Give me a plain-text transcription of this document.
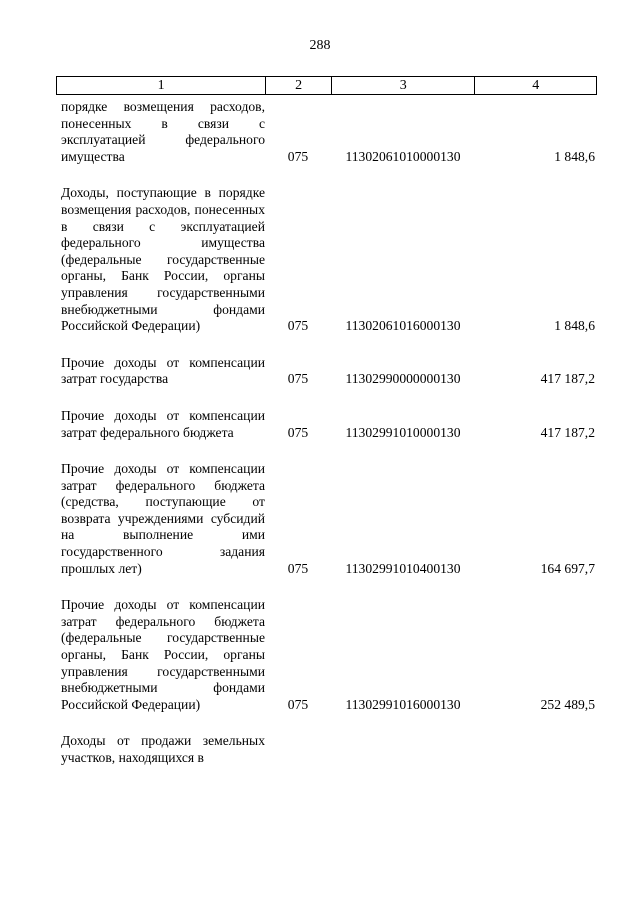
288
1	2	3	4
порядке возмещения расходов, понесенных в связи с эксплуатацией федерального имущества	075	11302061010000130	1 848,6
Доходы, поступающие в порядке возмещения расходов, понесенных в связи с эксплуатацией федерального имущества (федеральные государственные органы, Банк России, органы управления государственными внебюджетными фондами Российской Федерации)	075	11302061016000130	1 848,6
Прочие доходы от компенсации затрат государства	075	11302990000000130	417 187,2
Прочие доходы от компенсации затрат федерального бюджета	075	11302991010000130	417 187,2
Прочие доходы от компенсации затрат федерального бюджета (средства, поступающие от возврата учреждениями субсидий на выполнение ими государственного задания прошлых лет)	075	11302991010400130	164 697,7
Прочие доходы от компенсации затрат федерального бюджета (федеральные государственные органы, Банк России, органы управления государственными внебюджетными фондами Российской Федерации)	075	11302991016000130	252 489,5
Доходы от продажи земельных участков, находящихся в
